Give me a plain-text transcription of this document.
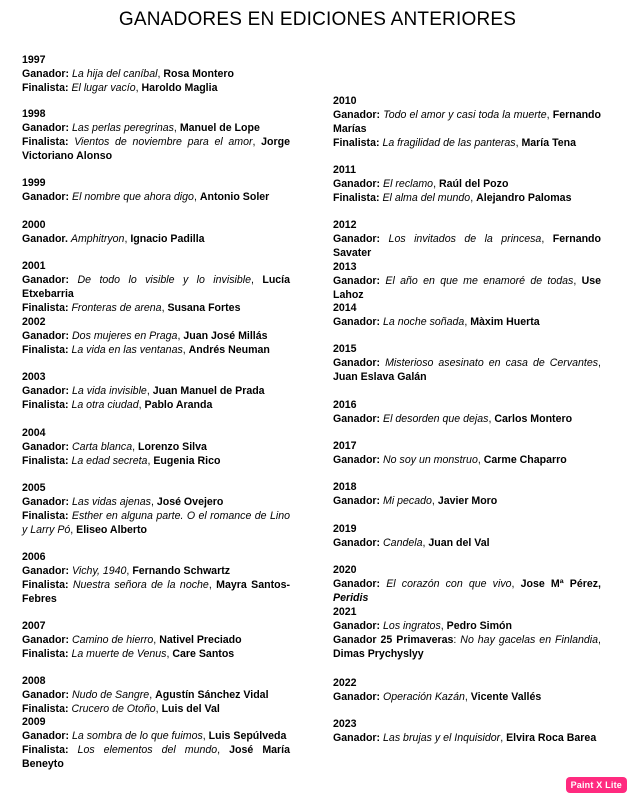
GANADORES EN EDICIONES ANTERIORES
1997
Ganador: La hija del caníbal, Rosa Montero
Finalista: El lugar vacío, Haroldo Maglia
1998
Ganador: Las perlas peregrinas, Manuel de Lope
Finalista: Vientos de noviembre para el amor, Jorge Victoriano Alonso
1999
Ganador: El nombre que ahora digo, Antonio Soler
2000
Ganador. Amphitryon, Ignacio Padilla
2001
Ganador: De todo lo visible y lo invisible, Lucía Etxebarria
Finalista: Fronteras de arena, Susana Fortes
2002
Ganador: Dos mujeres en Praga, Juan José Millás
Finalista: La vida en las ventanas, Andrés Neuman
2003
Ganador: La vida invisible, Juan Manuel de Prada
Finalista: La otra ciudad, Pablo Aranda
2004
Ganador: Carta blanca, Lorenzo Silva
Finalista: La edad secreta, Eugenia Rico
2005
Ganador: Las vidas ajenas, José Ovejero
Finalista: Esther en alguna parte. O el romance de Lino y Larry Pó, Eliseo Alberto
2006
Ganador: Vichy, 1940, Fernando Schwartz
Finalista: Nuestra señora de la noche, Mayra Santos-Febres
2007
Ganador: Camino de hierro, Nativel Preciado
Finalista: La muerte de Venus, Care Santos
2008
Ganador: Nudo de Sangre, Agustín Sánchez Vidal
Finalista: Crucero de Otoño, Luis del Val
2009
Ganador: La sombra de lo que fuimos, Luis Sepúlveda
Finalista: Los elementos del mundo, José María Beneyto
2010
Ganador: Todo el amor y casi toda la muerte, Fernando Marías
Finalista: La fragilidad de las panteras, María Tena
2011
Ganador: El reclamo, Raúl del Pozo
Finalista: El alma del mundo, Alejandro Palomas
2012
Ganador: Los invitados de la princesa, Fernando Savater
2013
Ganador: El año en que me enamoré de todas, Use Lahoz
2014
Ganador: La noche soñada, Màxim Huerta
2015
Ganador: Misterioso asesinato en casa de Cervantes, Juan Eslava Galán
2016
Ganador: El desorden que dejas, Carlos Montero
2017
Ganador: No soy un monstruo, Carme Chaparro
2018
Ganador: Mi pecado, Javier Moro
2019
Ganador: Candela, Juan del Val
2020
Ganador: El corazón con que vivo, Jose Mª Pérez, Peridis
2021
Ganador: Los ingratos, Pedro Simón
Ganador 25 Primaveras: No hay gacelas en Finlandia, Dimas Prychyslyy
2022
Ganador: Operación Kazán, Vicente Vallés
2023
Ganador: Las brujas y el Inquisidor, Elvira Roca Barea
Paint X Lite
